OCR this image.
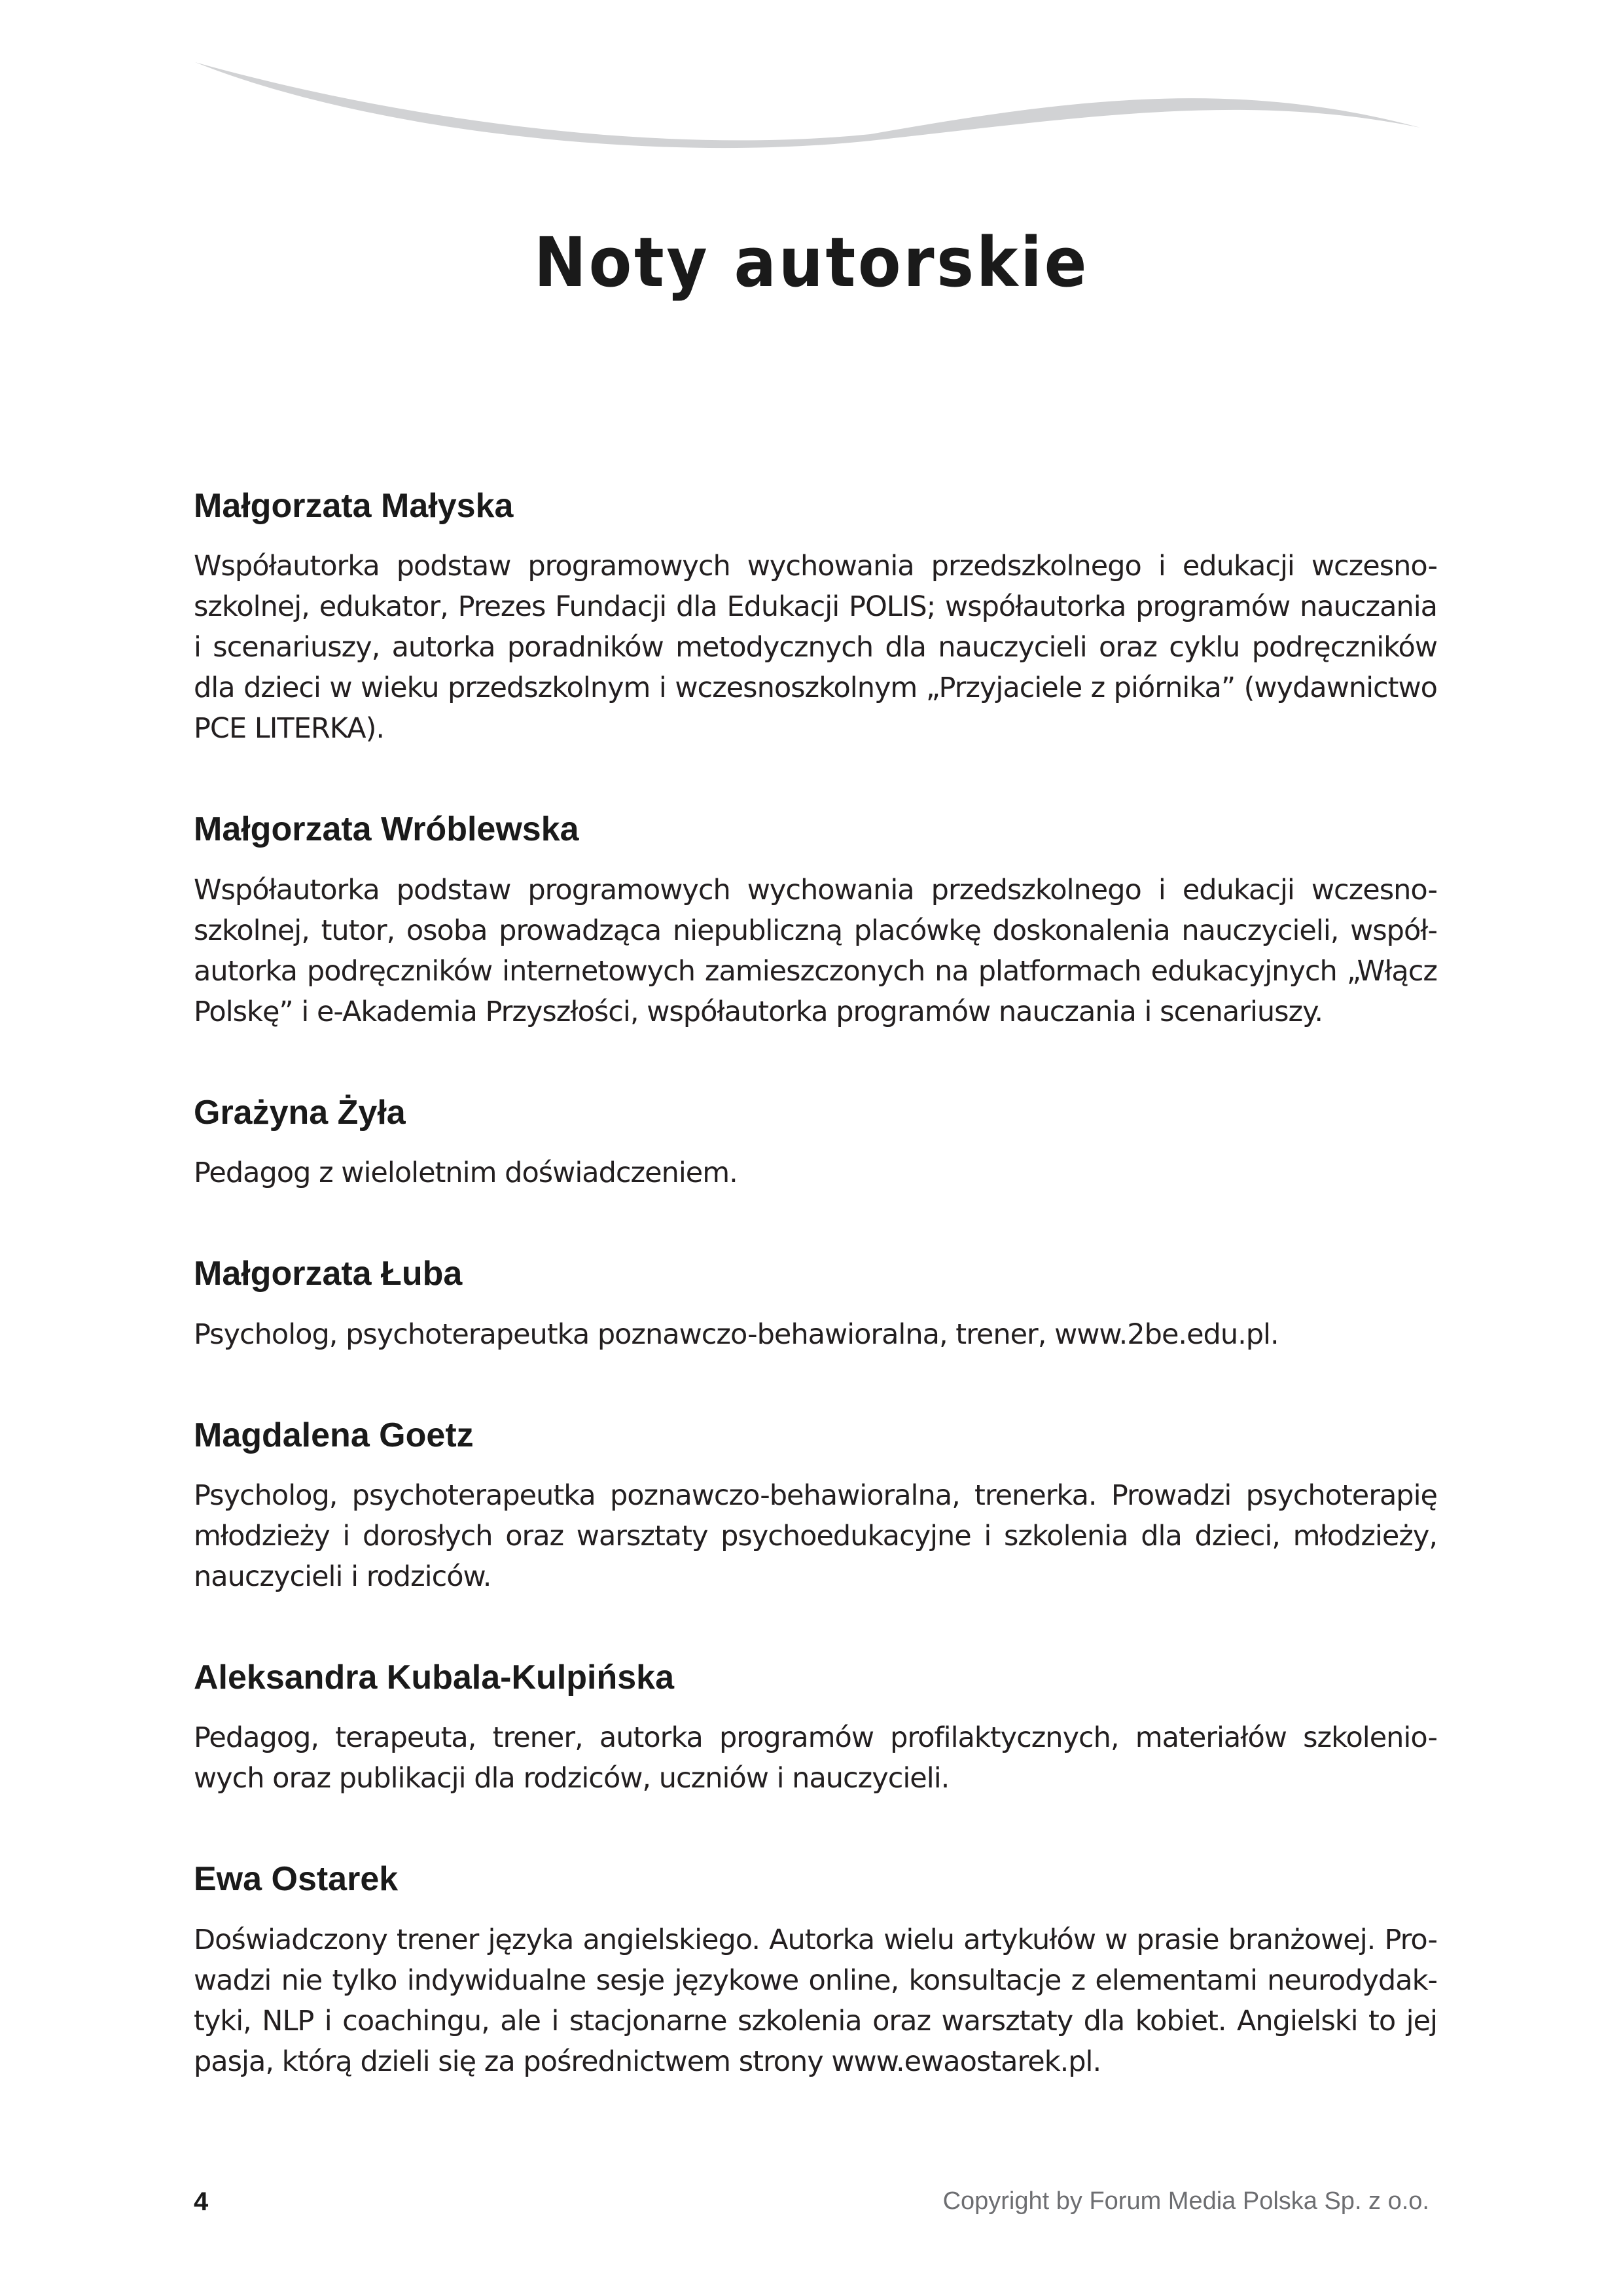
Noty autorskie
Małgorzata Małyska

Współautorka podstaw programowych wychowania przedszkolnego i edukacji wczesno-szkolnej, edukator, Prezes Fundacji dla Edukacji POLIS; współautorka programów nauczania i scenariuszy, autorka poradników metodycznych dla nauczycieli oraz cyklu podręczników dla dzieci w wieku przedszkolnym i wczesnoszkolnym „Przyjaciele z piórnika” (wydawnictwo PCE LITERKA).

Małgorzata Wróblewska

Współautorka podstaw programowych wychowania przedszkolnego i edukacji wczesno-szkolnej, tutor, osoba prowadząca niepubliczną placówkę doskonalenia nauczycieli, współ-autorka podręczników internetowych zamieszczonych na platformach edukacyjnych „Włącz Polskę” i e-Akademia Przyszłości, współautorka programów nauczania i scenariuszy.

Grażyna Żyła

Pedagog z wieloletnim doświadczeniem.

Małgorzata Łuba

Psycholog, psychoterapeutka poznawczo-behawioralna, trener, www.2be.edu.pl.

Magdalena Goetz

Psycholog, psychoterapeutka poznawczo-behawioralna, trenerka. Prowadzi psychoterapię młodzieży i dorosłych oraz warsztaty psychoedukacyjne i szkolenia dla dzieci, młodzieży, nauczycieli i rodziców.

Aleksandra Kubala-Kulpińska

Pedagog, terapeuta, trener, autorka programów profilaktycznych, materiałów szkolenio-wych oraz publikacji dla rodziców, uczniów i nauczycieli.

Ewa Ostarek

Doświadczony trener języka angielskiego. Autorka wielu artykułów w prasie branżowej. Pro-wadzi nie tylko indywidualne sesje językowe online, konsultacje z elementami neurodydak-tyki, NLP i coachingu, ale i stacjonarne szkolenia oraz warsztaty dla kobiet. Angielski to jej pasja, którą dzieli się za pośrednictwem strony www.ewaostarek.pl.

4	Copyright by Forum Media Polska Sp. z o.o.
